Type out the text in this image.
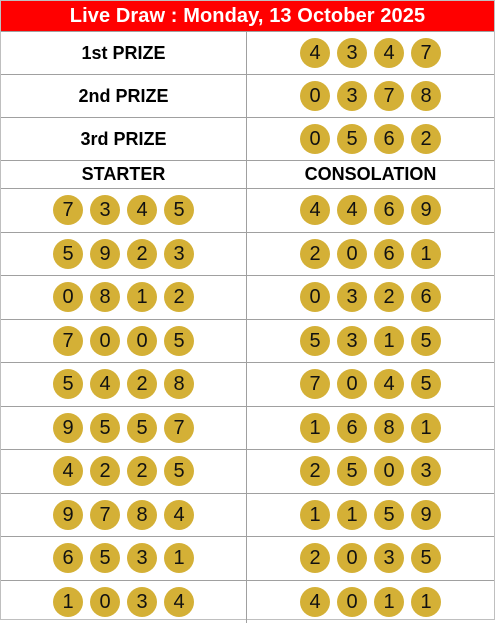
Live Draw : Monday, 13 October 2025
1st PRIZE	4	3	4	7
2nd PRIZE	0	3	7	8
3rd PRIZE	0	5	6	2
STARTER	CONSOLATION
7	3	4	5	4	4	6	9
5	9	2	3	2	0	6	1
0	8	1	2	0	3	2	6
7	0	0	5	5	3	1	5
5	4	2	8	7	0	4	5
9	5	5	7	1	6	8	1
4	2	2	5	2	5	0	3
9	7	8	4	1	1	5	9
6	5	3	1	2	0	3	5
1	0	3	4	4	0	1	1
